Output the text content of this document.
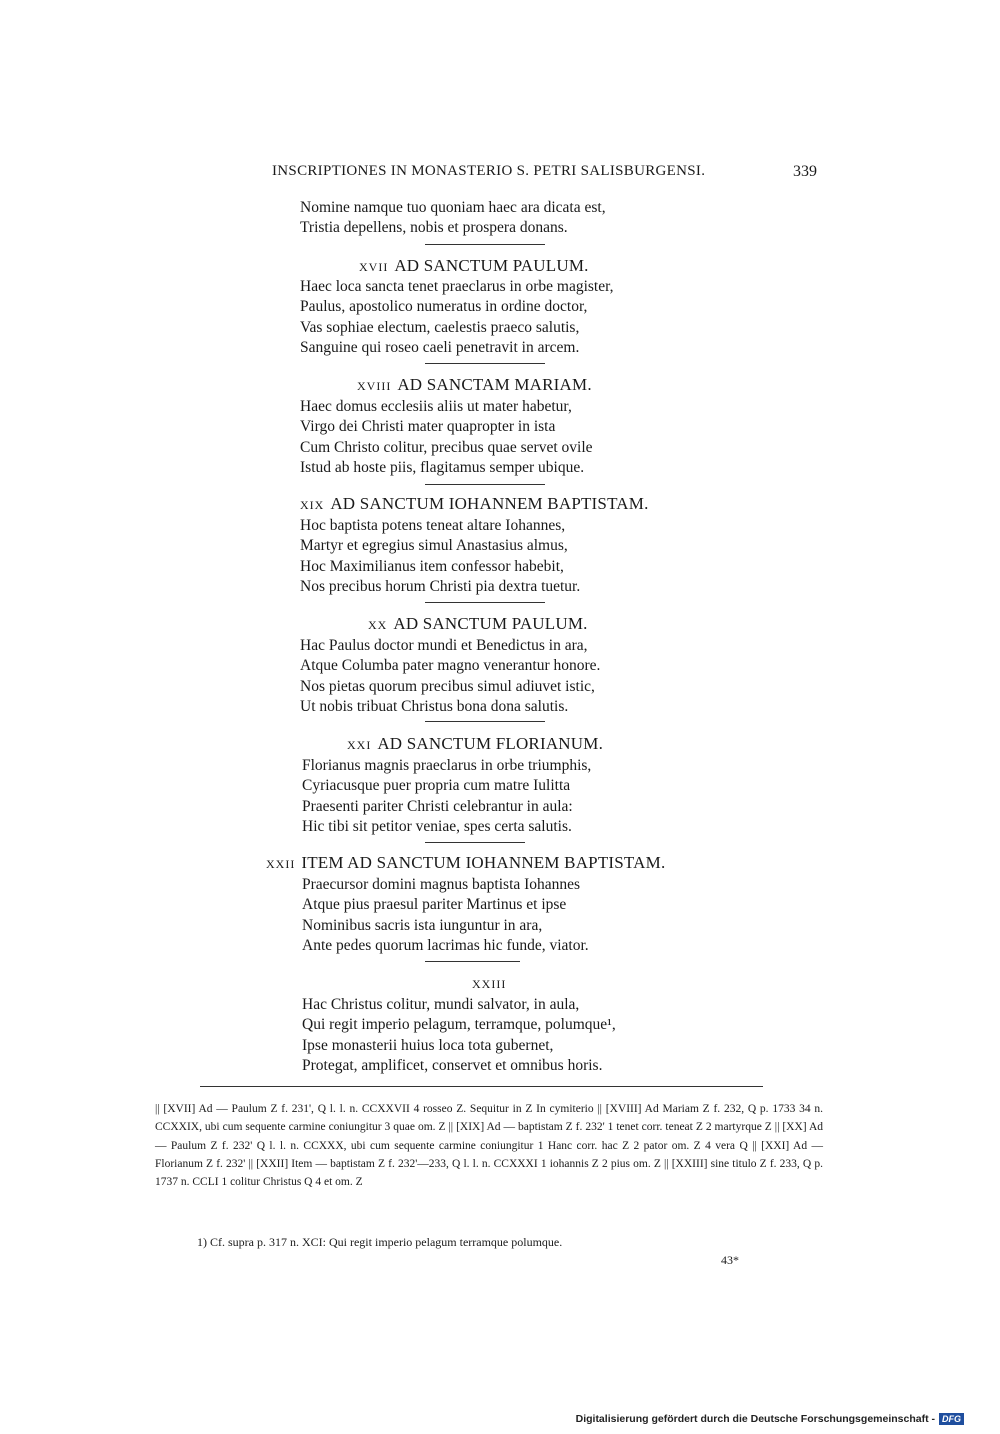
INSCRIPTIONES IN MONASTERIO S. PETRI SALISBURGENSI.	339
Nomine namque tuo quoniam haec ara dicata est,
Tristia depellens, nobis et prospera donans.
XVII AD SANCTUM PAULUM.
Haec loca sancta tenet praeclarus in orbe magister,
Paulus, apostolico numeratus in ordine doctor,
Vas sophiae electum, caelestis praeco salutis,
Sanguine qui roseo caeli penetravit in arcem.
XVIII AD SANCTAM MARIAM.
Haec domus ecclesiis aliis ut mater habetur,
Virgo dei Christi mater quapropter in ista
Cum Christo colitur, precibus quae servet ovile
Istud ab hoste piis, flagitamus semper ubique.
XIX AD SANCTUM IOHANNEM BAPTISTAM.
Hoc baptista potens teneat altare Iohannes,
Martyr et egregius simul Anastasius almus,
Hoc Maximilianus item confessor habebit,
Nos precibus horum Christi pia dextra tuetur.
XX AD SANCTUM PAULUM.
Hac Paulus doctor mundi et Benedictus in ara,
Atque Columba pater magno venerantur honore.
Nos pietas quorum precibus simul adiuvet istic,
Ut nobis tribuat Christus bona dona salutis.
XXI AD SANCTUM FLORIANUM.
Florianus magnis praeclarus in orbe triumphis,
Cyriacusque puer propria cum matre Iulitta
Praesenti pariter Christi celebrantur in aula:
Hic tibi sit petitor veniae, spes certa salutis.
XXII ITEM AD SANCTUM IOHANNEM BAPTISTAM.
Praecursor domini magnus baptista Iohannes
Atque pius praesul pariter Martinus et ipse
Nominibus sacris ista iunguntur in ara,
Ante pedes quorum lacrimas hic funde, viator.
XXIII
Hac Christus colitur, mundi salvator, in aula,
Qui regit imperio pelagum, terramque, polumque¹,
Ipse monasterii huius loca tota gubernet,
Protegat, amplificet, conservet et omnibus horis.
|| [XVII] Ad — Paulum Z f. 231', Q l. l. n. CCXXVII 4 rosseo Z. Sequitur in Z In cymiterio || [XVIII] Ad Mariam Z f. 232, Q p. 1733 34 n. CCXXIX, ubi cum sequente carmine coniungitur 3 quae om. Z || [XIX] Ad — baptistam Z f. 232' 1 tenet corr. teneat Z 2 martyrque Z || [XX] Ad — Paulum Z f. 232' Q l. l. n. CCXXX, ubi cum sequente carmine coniungitur 1 Hanc corr. hac Z 2 pator om. Z 4 vera Q || [XXI] Ad — Florianum Z f. 232' || [XXII] Item — baptistam Z f. 232'—233, Q l. l. n. CCXXXI 1 iohannis Z 2 pius om. Z || [XXIII] sine titulo Z f. 233, Q p. 1737 n. CCLI 1 colitur Christus Q 4 et om. Z
1) Cf. supra p. 317 n. XCI: Qui regit imperio pelagum terramque polumque.
43*
Digitalisierung gefördert durch die Deutsche Forschungsgemeinschaft - DFG
